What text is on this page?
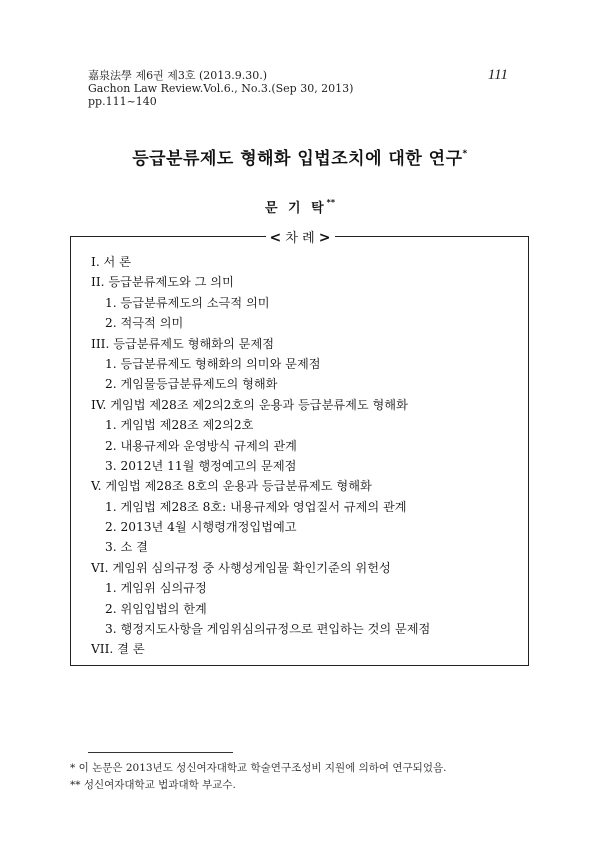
嘉泉法學 제6권 제3호 (2013.9.30.)
Gachon Law Review.Vol.6., No.3.(Sep 30, 2013)
pp.111~140
111
등급분류제도 형해화 입법조치에 대한 연구*
문 기 탁**
< 차 례 >
I. 서 론
II. 등급분류제도와 그 의미
1. 등급분류제도의 소극적 의미
2. 적극적 의미
III. 등급분류제도 형해화의 문제점
1. 등급분류제도 형해화의 의미와 문제점
2. 게임물등급분류제도의 형해화
IV. 게임법 제28조 제2의2호의 운용과 등급분류제도 형해화
1. 게임법 제28조 제2의2호
2. 내용규제와 운영방식 규제의 관계
3. 2012년 11월 행정예고의 문제점
V. 게임법 제28조 8호의 운용과 등급분류제도 형해화
1. 게임법 제28조 8호: 내용규제와 영업질서 규제의 관계
2. 2013년 4월 시행령개정입법예고
3. 소 결
VI. 게임위 심의규정 중 사행성게임물 확인기준의 위헌성
1. 게임위 심의규정
2. 위임입법의 한계
3. 행정지도사항을 게임위심의규정으로 편입하는 것의 문제점
VII. 결 론
* 이 논문은 2013년도 성신여자대학교 학술연구조성비 지원에 의하여 연구되었음.
** 성신여자대학교 법과대학 부교수.
